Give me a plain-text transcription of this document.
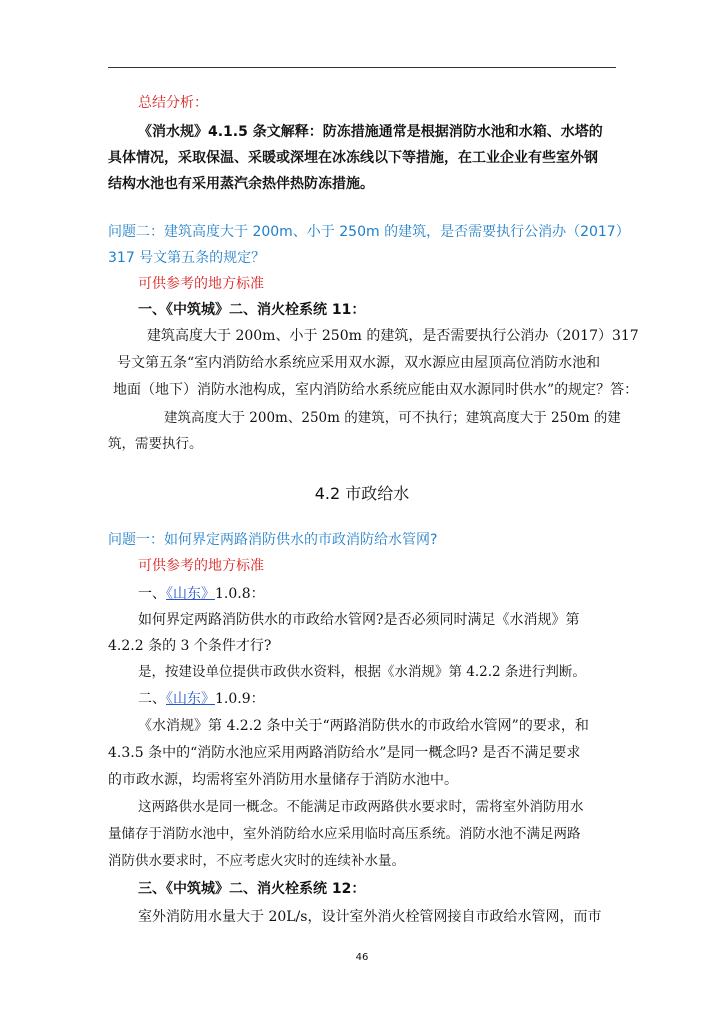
总结分析：
《消水规》4.1.5 条文解释：防冻措施通常是根据消防水池和水箱、水塔的
具体情况，采取保温、采暖或深埋在冰冻线以下等措施，在工业企业有些室外钢
结构水池也有采用蒸汽余热伴热防冻措施。
问题二：建筑高度大于 200m、小于 250m 的建筑，是否需要执行公消办（2017）
317 号文第五条的规定？
可供参考的地方标准
一、《中筑城》二、消火栓系统 11：
建筑高度大于 200m、小于 250m 的建筑，是否需要执行公消办（2017）317
号文第五条“室内消防给水系统应采用双水源，双水源应由屋顶高位消防水池和
地面（地下）消防水池构成，室内消防给水系统应能由双水源同时供水”的规定？答：
建筑高度大于 200m、250m 的建筑，可不执行；建筑高度大于 250m 的建
筑，需要执行。
4.2 市政给水
问题一：如何界定两路消防供水的市政消防给水管网?
可供参考的地方标准
一、《山东》1.0.8：
如何界定两路消防供水的市政给水管网?是否必须同时满足《水消规》第
4.2.2 条的 3 个条件才行?
是，按建设单位提供市政供水资料，根据《水消规》第 4.2.2 条进行判断。
二、《山东》1.0.9：
《水消规》第 4.2.2 条中关于“两路消防供水的市政给水管网”的要求，和
4.3.5 条中的“消防水池应采用两路消防给水”是同一概念吗? 是否不满足要求
的市政水源，均需将室外消防用水量储存于消防水池中。
这两路供水是同一概念。不能满足市政两路供水要求时，需将室外消防用水
量储存于消防水池中，室外消防给水应采用临时高压系统。消防水池不满足两路
消防供水要求时，不应考虑火灾时的连续补水量。
三、《中筑城》二、消火栓系统 12：
室外消防用水量大于 20L/s，设计室外消火栓管网接自市政给水管网，而市
46
